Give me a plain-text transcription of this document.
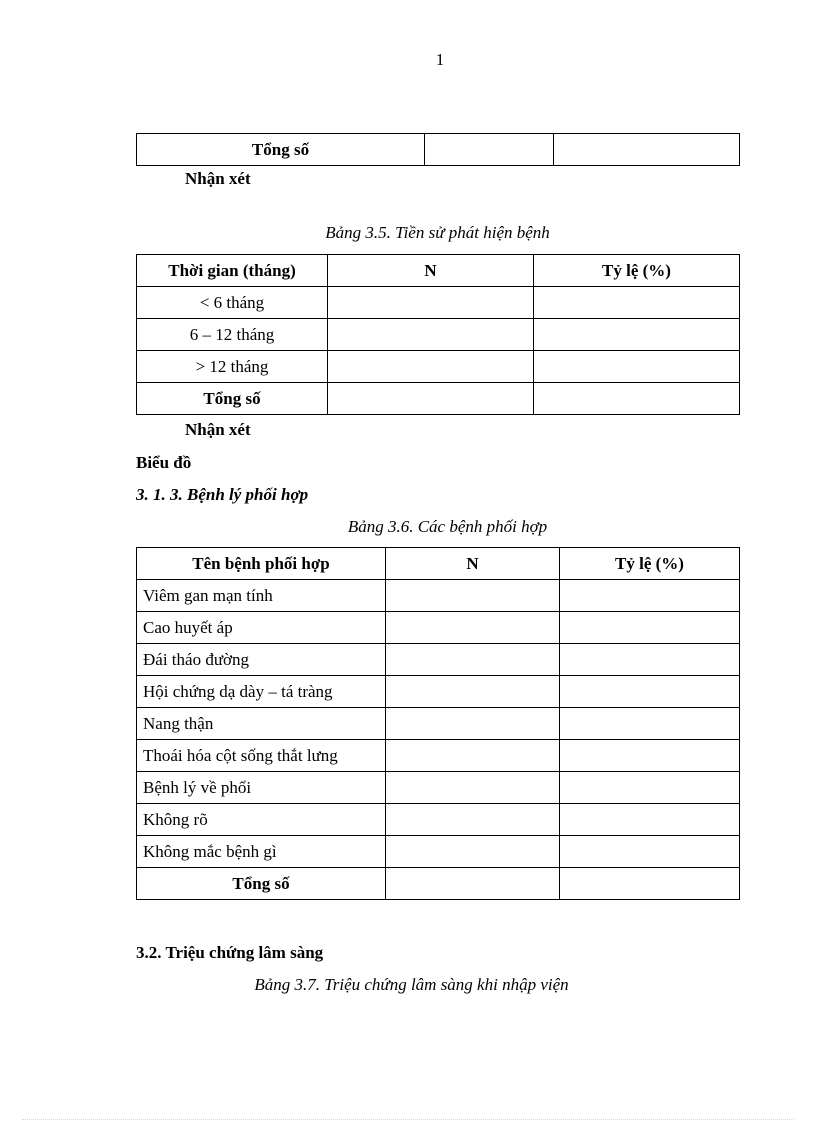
1
Tổng số		
Nhận xét
Bảng 3.5. Tiền sử phát hiện bệnh
Thời gian (tháng)	N	Tỷ lệ (%)
< 6 tháng		
6 – 12 tháng		
> 12 tháng		
Tổng số		
Nhận xét
Biểu đồ
3. 1. 3. Bệnh lý phối hợp
Bảng 3.6. Các bệnh phối hợp
Tên bệnh phối hợp	N	Tỷ lệ (%)
Viêm gan mạn tính		
Cao huyết áp		
Đái tháo đường		
Hội chứng dạ dày – tá tràng		
Nang thận		
Thoái hóa cột sống thắt lưng		
Bệnh lý về phổi		
Không rõ		
Không mắc bệnh gì		
Tổng số		
3.2. Triệu chứng lâm sàng
Bảng 3.7. Triệu chứng lâm sàng khi nhập viện
